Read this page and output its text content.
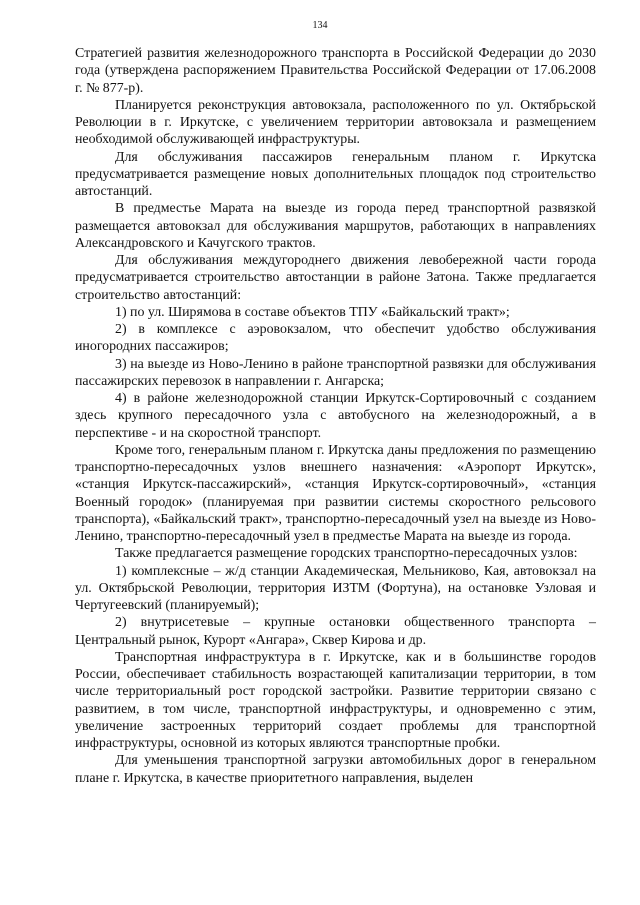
134

Стратегией развития железнодорожного транспорта в Российской Федерации до 2030 года (утверждена распоряжением Правительства Российской Федерации от 17.06.2008 г. № 877-р).

Планируется реконструкция автовокзала, расположенного по ул. Октябрьской Революции в г. Иркутске, с увеличением территории автовокзала и размещением необходимой обслуживающей инфраструктуры.

Для обслуживания пассажиров генеральным планом г. Иркутска предусматривается размещение новых дополнительных площадок под строительство автостанций.

В предместье Марата на выезде из города перед транспортной развязкой размещается автовокзал для обслуживания маршрутов, работающих в направлениях Александровского и Качугского трактов.

Для обслуживания междугороднего движения левобережной части города предусматривается строительство автостанции в районе Затона. Также предлагается строительство автостанций:

1) по ул. Ширямова в составе объектов ТПУ «Байкальский тракт»;

2) в комплексе с аэровокзалом, что обеспечит удобство обслуживания иногородних пассажиров;

3) на выезде из Ново-Ленино в районе транспортной развязки для обслуживания пассажирских перевозок в направлении г. Ангарска;

4) в районе железнодорожной станции Иркутск-Сортировочный с созданием здесь крупного пересадочного узла с автобусного на железнодорожный, а в перспективе - и на скоростной транспорт.

Кроме того, генеральным планом г. Иркутска даны предложения по размещению транспортно-пересадочных узлов внешнего назначения: «Аэропорт Иркутск», «станция Иркутск-пассажирский», «станция Иркутск-сортировочный», «станция Военный городок» (планируемая при развитии системы скоростного рельсового транспорта), «Байкальский тракт», транспортно-пересадочный узел на выезде из Ново-Ленино, транспортно-пересадочный узел в предместье Марата на выезде из города.

Также предлагается размещение городских транспортно-пересадочных узлов:

1) комплексные – ж/д станции Академическая, Мельниково, Кая, автовокзал на ул. Октябрьской Революции, территория ИЗТМ (Фортуна), на остановке Узловая и Чертугеевский (планируемый);

2) внутрисетевые – крупные остановки общественного транспорта – Центральный рынок, Курорт «Ангара», Сквер Кирова и др.

Транспортная инфраструктура в г. Иркутске, как и в большинстве городов России, обеспечивает стабильность возрастающей капитализации территории, в том числе территориальный рост городской застройки. Развитие территории связано с развитием, в том числе, транспортной инфраструктуры, и одновременно с этим, увеличение застроенных территорий создает проблемы для транспортной инфраструктуры, основной из которых являются транспортные пробки.

Для уменьшения транспортной загрузки автомобильных дорог в генеральном плане г. Иркутска, в качестве приоритетного направления, выделен
